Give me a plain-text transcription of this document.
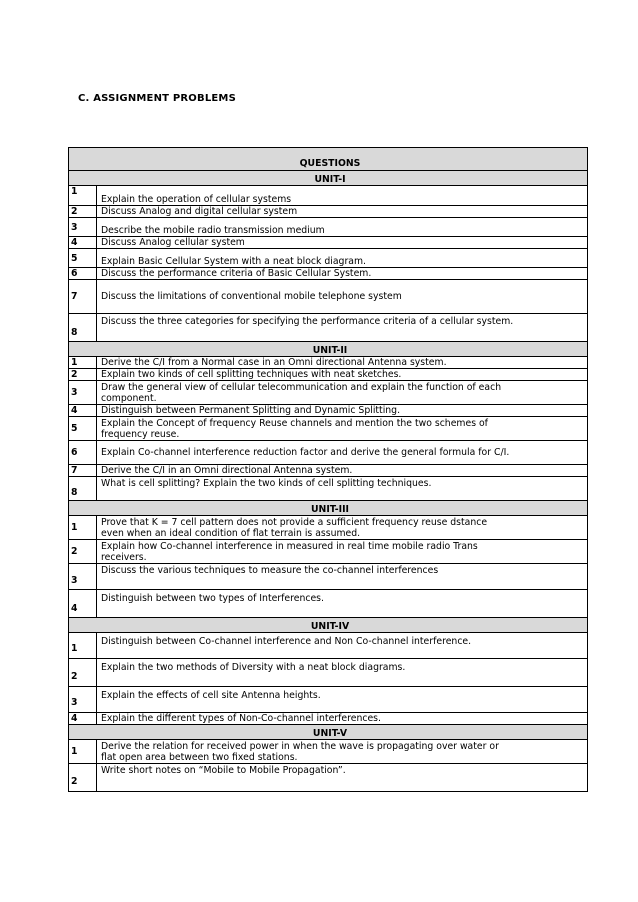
C. ASSIGNMENT PROBLEMS
QUESTIONS	
UNIT-I	
1	Explain the operation of cellular systems
2	Discuss Analog and digital cellular system
3	Describe the mobile radio transmission medium
4	Discuss Analog cellular system
5	Explain Basic Cellular System with a neat block diagram.
6	Discuss the performance criteria of Basic Cellular System.
7	Discuss the limitations of conventional mobile telephone system
8	Discuss the three categories for specifying the performance criteria of a cellular system.
UNIT-II	
1	Derive the C/I from a Normal case in an Omni directional Antenna system.
2	Explain two kinds of cell splitting techniques with neat sketches.
3	Draw the general view of cellular telecommunication and explain the function of each component.
4	Distinguish between Permanent Splitting and Dynamic Splitting.
5	Explain the Concept of frequency Reuse channels and mention the two schemes of frequency reuse.
6	Explain Co-channel interference reduction factor and derive the general formula for C/I.
7	Derive the C/I in an Omni directional Antenna system.
8	What is cell splitting? Explain the two kinds of cell splitting techniques.
UNIT-III	
1	Prove that K = 7 cell pattern does not provide a sufficient frequency reuse dstance even when an ideal condition of flat terrain is assumed.
2	Explain how Co-channel interference in measured in real time mobile radio Trans receivers.
3	Discuss the various techniques to measure the co-channel interferences
4	Distinguish between two types of Interferences.
UNIT-IV	
1	Distinguish between Co-channel interference and Non Co-channel interference.
2	Explain the two methods of Diversity with a neat block diagrams.
3	Explain the effects of cell site Antenna heights.
4	Explain the different types of Non-Co-channel interferences.
UNIT-V	
1	Derive the relation for received power in when the wave is propagating over water or flat open area between two fixed stations.
2	Write short notes on “Mobile to Mobile Propagation”.
